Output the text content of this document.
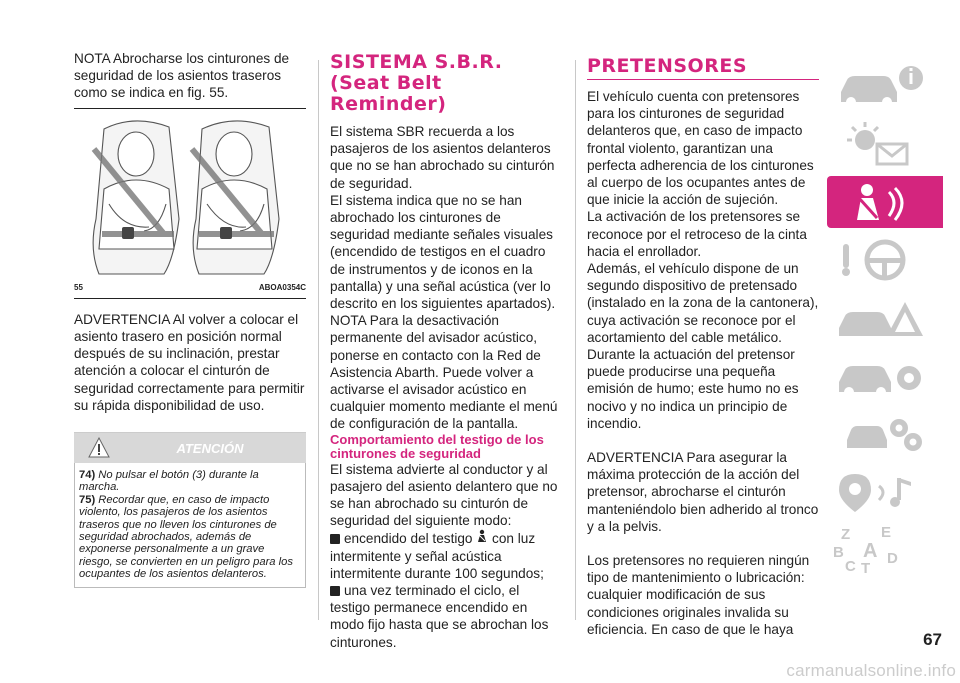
NOTA Abrocharse los cinturones de seguridad de los asientos traseros como se indica en fig. 55.

55	ABOA0354C

ADVERTENCIA Al volver a colocar el asiento trasero en posición normal después de su inclinación, prestar atención a colocar el cinturón de seguridad correctamente para permitir su rápida disponibilidad de uso.

ATENCIÓN
74) No pulsar el botón (3) durante la marcha.
75) Recordar que, en caso de impacto violento, los pasajeros de los asientos traseros que no lleven los cinturones de seguridad abrochados, además de exponerse personalmente a un grave riesgo, se convierten en un peligro para los ocupantes de los asientos delanteros.
SISTEMA S.B.R.
(Seat Belt
Reminder)

El sistema SBR recuerda a los pasajeros de los asientos delanteros que no se han abrochado su cinturón de seguridad.

El sistema indica que no se han abrochado los cinturones de seguridad mediante señales visuales (encendido de testigos en el cuadro de instrumentos y de iconos en la pantalla) y una señal acústica (ver lo descrito en los siguientes apartados).

NOTA Para la desactivación permanente del avisador acústico, ponerse en contacto con la Red de Asistencia Abarth. Puede volver a activarse el avisador acústico en cualquier momento mediante el menú de configuración de la pantalla.

Comportamiento del testigo de los cinturones de seguridad

El sistema advierte al conductor y al pasajero del asiento delantero que no se han abrochado su cinturón de seguridad del siguiente modo:

encendido del testigo con luz intermitente y señal acústica intermitente durante 100 segundos;

una vez terminado el ciclo, el testigo permanece encendido en modo fijo hasta que se abrochan los cinturones.

PRETENSORES

El vehículo cuenta con pretensores para los cinturones de seguridad delanteros que, en caso de impacto frontal violento, garantizan una perfecta adherencia de los cinturones al cuerpo de los ocupantes antes de que inicie la acción de sujeción.

La activación de los pretensores se reconoce por el retroceso de la cinta hacia el enrollador.

Además, el vehículo dispone de un segundo dispositivo de pretensado (instalado en la zona de la cantonera), cuya activación se reconoce por el acortamiento del cable metálico.

Durante la actuación del pretensor puede producirse una pequeña emisión de humo; este humo no es nocivo y no indica un principio de incendio.

ADVERTENCIA Para asegurar la máxima protección de la acción del pretensor, abrocharse el cinturón manteniéndolo bien adherido al tronco y a la pelvis.

Los pretensores no requieren ningún tipo de mantenimiento o lubricación: cualquier modificación de sus condiciones originales invalida su eficiencia. En caso de que le haya

Z E
B A
C T
D
67
carmanualsonline.info
